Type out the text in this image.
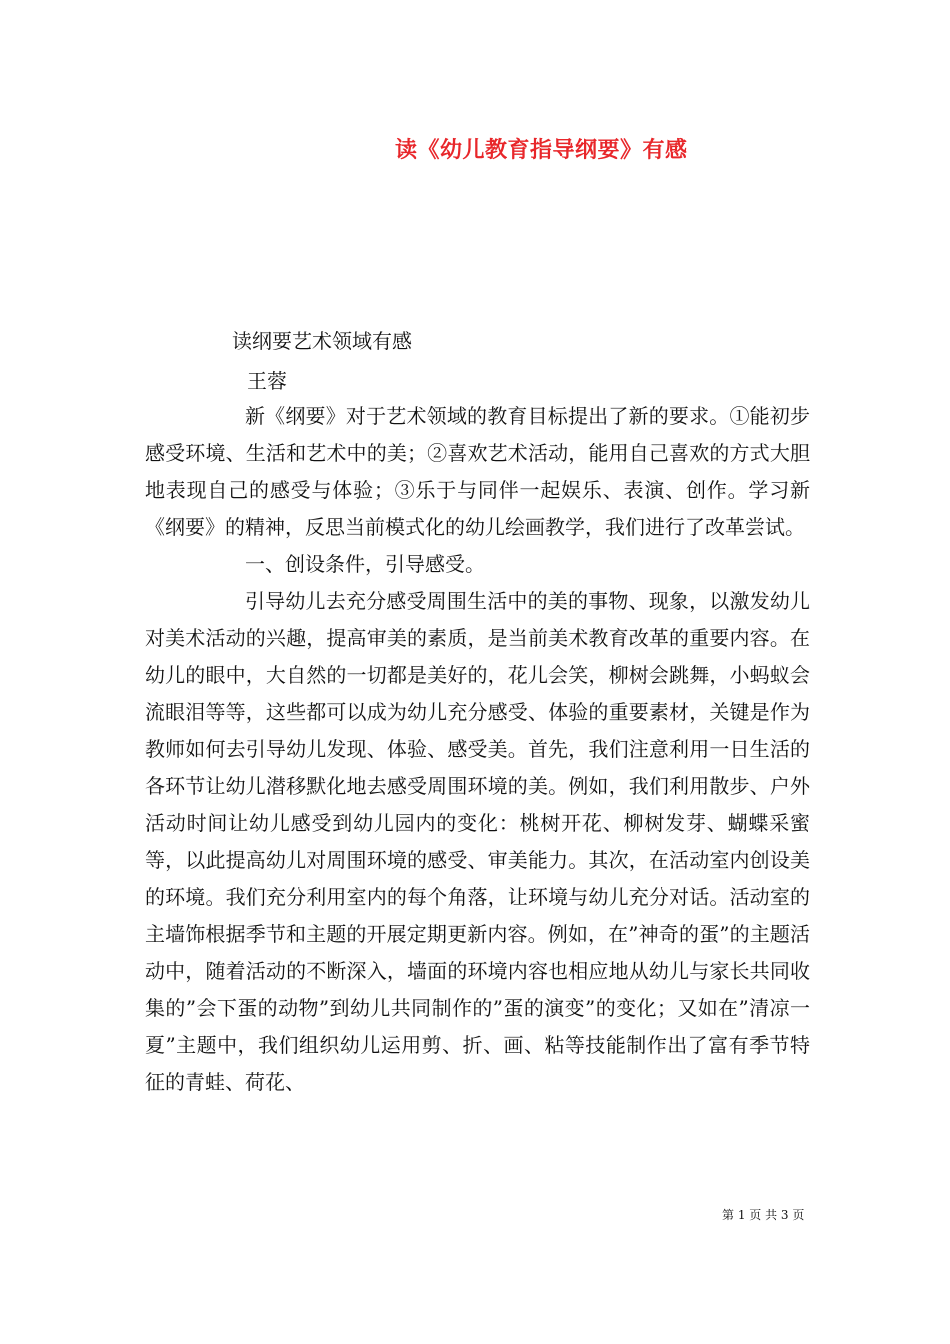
读《幼儿教育指导纲要》有感
读纲要艺术领域有感
王蓉

新《纲要》对于艺术领域的教育目标提出了新的要求。①能初步感受环境、生活和艺术中的美；②喜欢艺术活动，能用自己喜欢的方式大胆地表现自己的感受与体验；③乐于与同伴一起娱乐、表演、创作。学习新《纲要》的精神，反思当前模式化的幼儿绘画教学，我们进行了改革尝试。

一、创设条件，引导感受。

引导幼儿去充分感受周围生活中的美的事物、现象，以激发幼儿对美术活动的兴趣，提高审美的素质，是当前美术教育改革的重要内容。在幼儿的眼中，大自然的一切都是美好的，花儿会笑，柳树会跳舞，小蚂蚁会流眼泪等等，这些都可以成为幼儿充分感受、体验的重要素材，关键是作为教师如何去引导幼儿发现、体验、感受美。首先，我们注意利用一日生活的各环节让幼儿潜移默化地去感受周围环境的美。例如，我们利用散步、户外活动时间让幼儿感受到幼儿园内的变化：桃树开花、柳树发芽、蝴蝶采蜜等，以此提高幼儿对周围环境的感受、审美能力。其次，在活动室内创设美的环境。我们充分利用室内的每个角落，让环境与幼儿充分对话。活动室的主墙饰根据季节和主题的开展定期更新内容。例如，在”神奇的蛋”的主题活动中，随着活动的不断深入，墙面的环境内容也相应地从幼儿与家长共同收集的”会下蛋的动物”到幼儿共同制作的”蛋的演变”的变化；又如在”清凉一夏”主题中，我们组织幼儿运用剪、折、画、粘等技能制作出了富有季节特征的青蛙、荷花、

第 1 页 共 3 页
